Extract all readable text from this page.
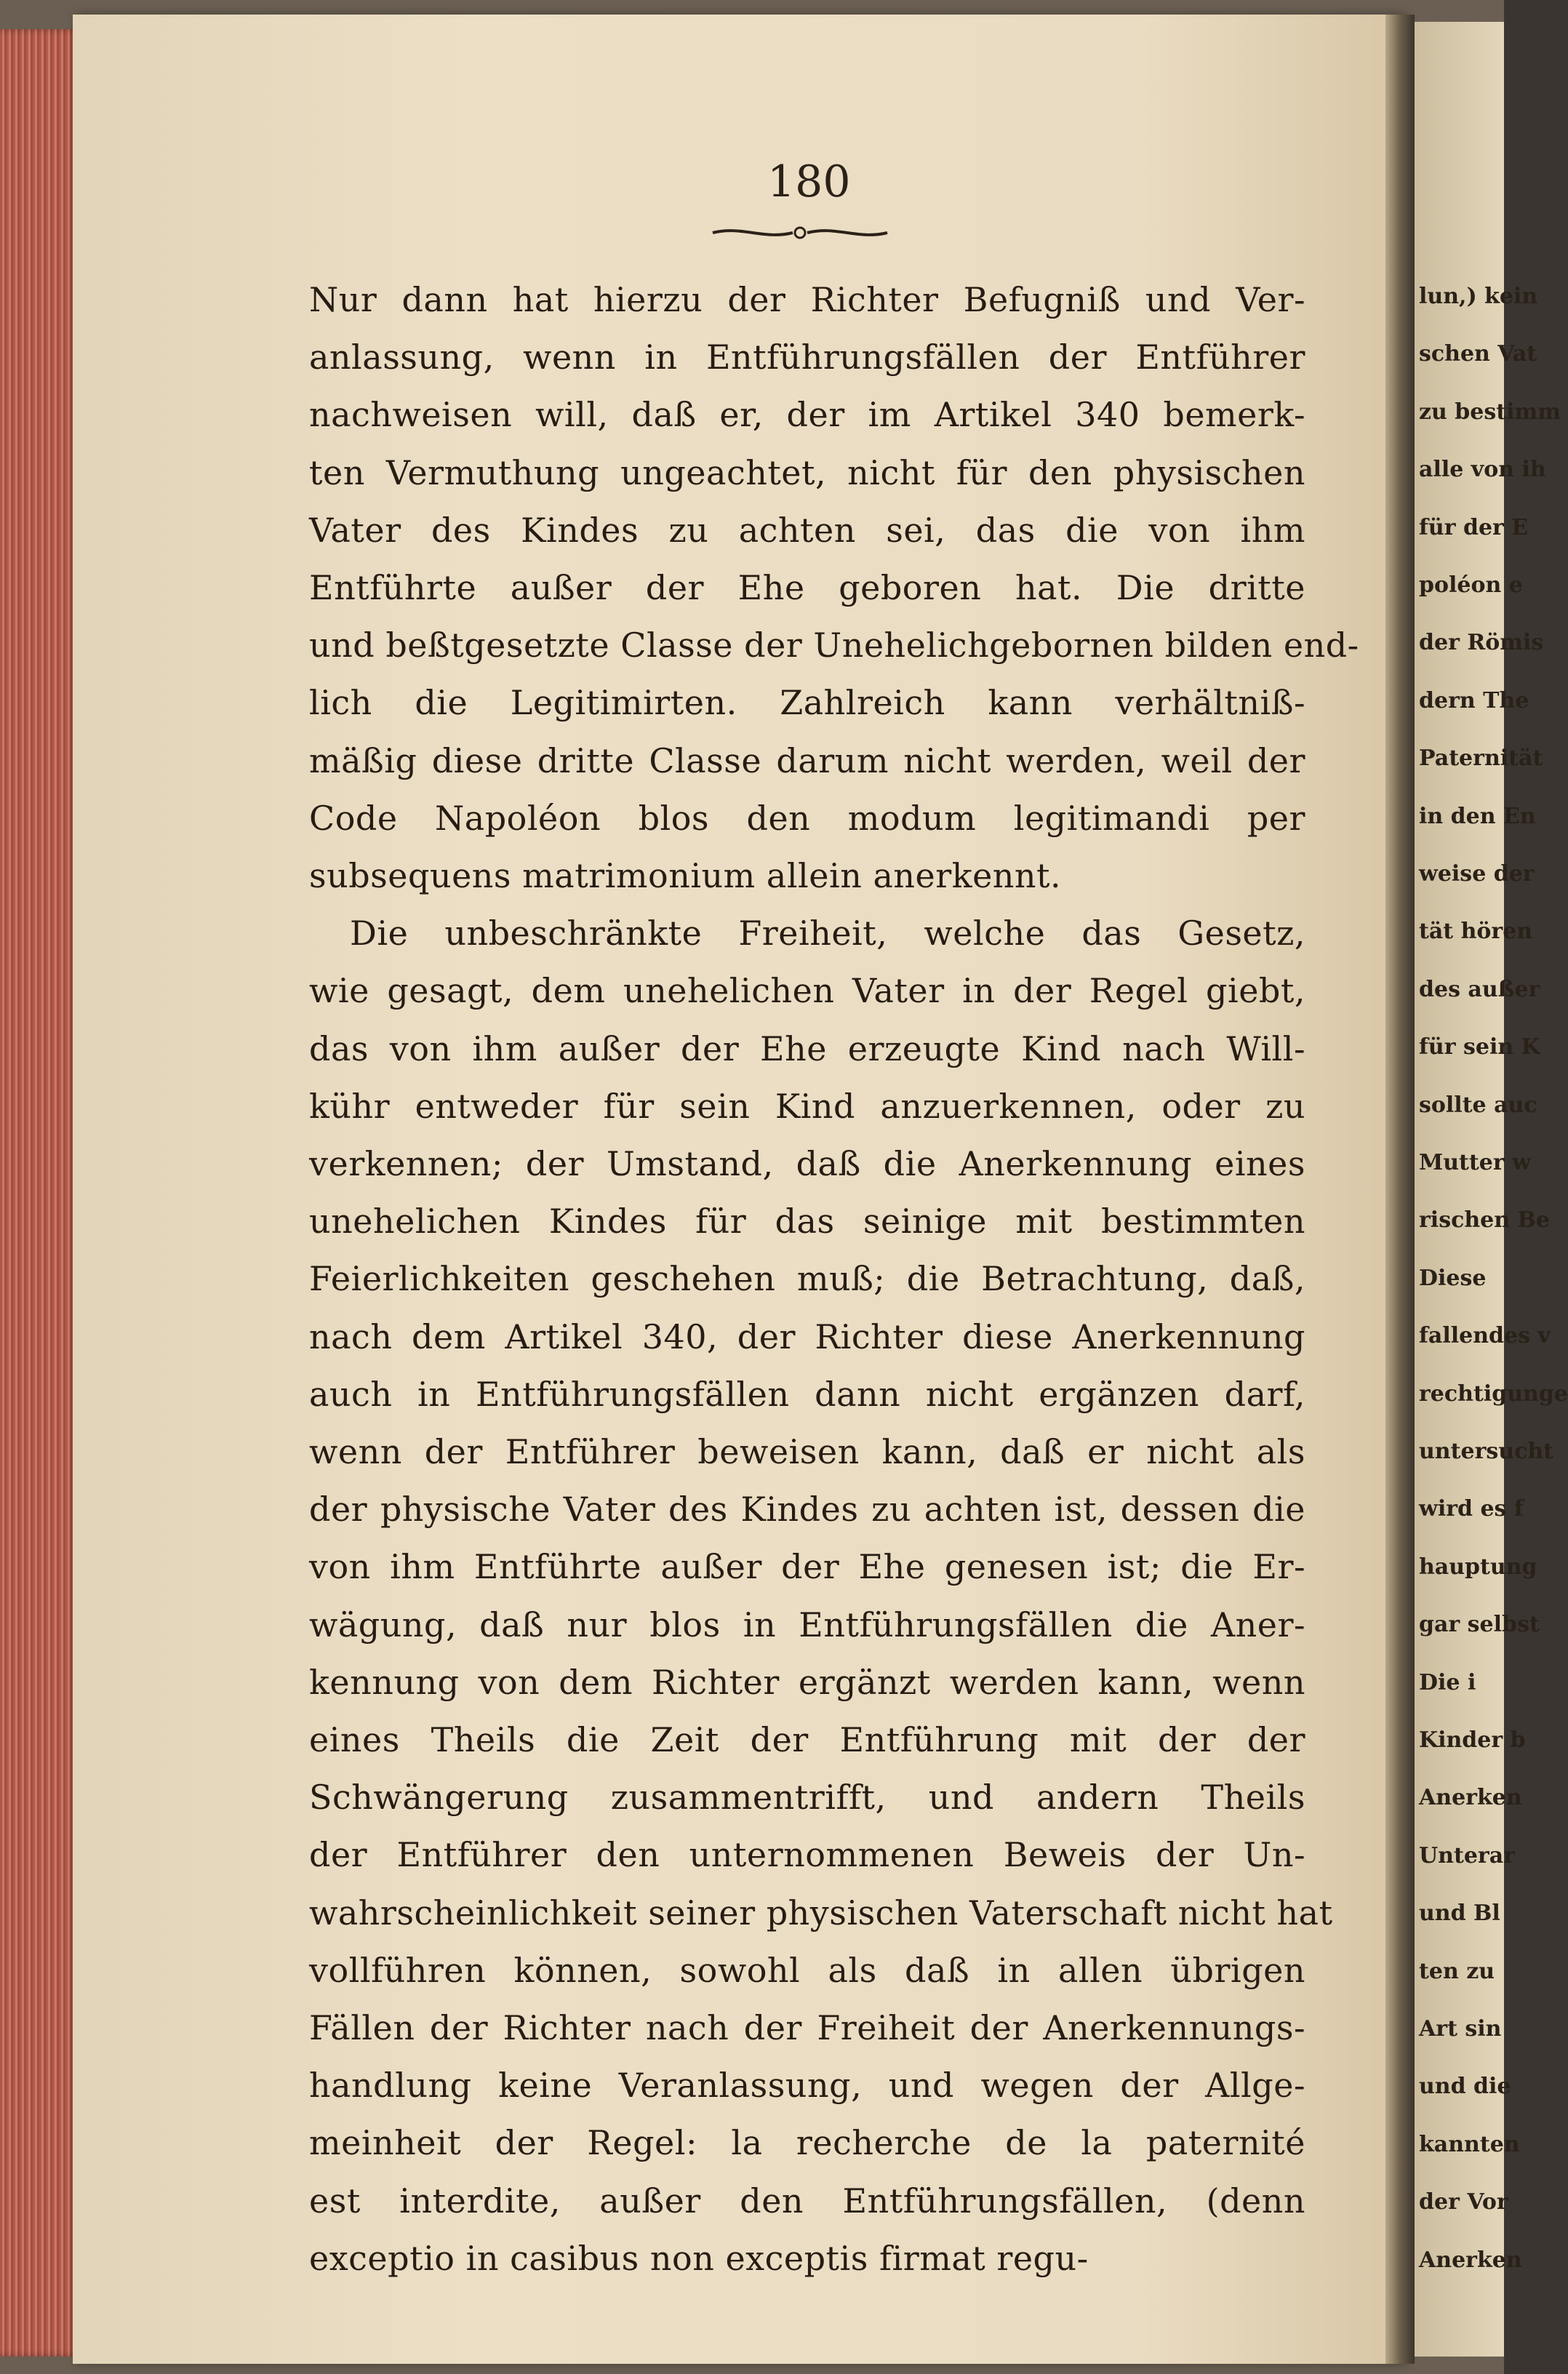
lun,) kein
schen Vat
zu bestimm
alle von ih
für der E
poléon e
der Römis
dern The
Paternität
in den En
weise der
tät hören
des außer
für sein K
sollte auc
Mutter w
rischen Be
Diese
fallendes v
rechtigunge
untersucht
wird es f
hauptung
gar selbst
Die i
Kinder b
Anerken
Unterar
und Bl
ten zu
Art sin
und die
kannten
der Vor
Anerken
180
Nur dann hat hierzu der Richter Befugniß und Ver-
anlassung, wenn in Entführungsfällen der Entführer
nachweisen will, daß er, der im Artikel 340 bemerk-
ten Vermuthung ungeachtet, nicht für den physischen
Vater des Kindes zu achten sei, das die von ihm
Entführte außer der Ehe geboren hat. Die dritte
und beßtgesetzte Classe der Unehelichgebornen bilden end-
lich die Legitimirten. Zahlreich kann verhältniß-
mäßig diese dritte Classe darum nicht werden, weil der
Code Napoléon blos den modum legitimandi per
subsequens matrimonium allein anerkennt.
Die unbeschränkte Freiheit, welche das Gesetz,
wie gesagt, dem unehelichen Vater in der Regel giebt,
das von ihm außer der Ehe erzeugte Kind nach Will-
kühr entweder für sein Kind anzuerkennen, oder zu
verkennen; der Umstand, daß die Anerkennung eines
unehelichen Kindes für das seinige mit bestimmten
Feierlichkeiten geschehen muß; die Betrachtung, daß,
nach dem Artikel 340, der Richter diese Anerkennung
auch in Entführungsfällen dann nicht ergänzen darf,
wenn der Entführer beweisen kann, daß er nicht als
der physische Vater des Kindes zu achten ist, dessen die
von ihm Entführte außer der Ehe genesen ist; die Er-
wägung, daß nur blos in Entführungsfällen die Aner-
kennung von dem Richter ergänzt werden kann, wenn
eines Theils die Zeit der Entführung mit der der
Schwängerung zusammentrifft, und andern Theils
der Entführer den unternommenen Beweis der Un-
wahrscheinlichkeit seiner physischen Vaterschaft nicht hat
vollführen können, sowohl als daß in allen übrigen
Fällen der Richter nach der Freiheit der Anerkennungs-
handlung keine Veranlassung, und wegen der Allge-
meinheit der Regel: la recherche de la paternité
est interdite, außer den Entführungsfällen, (denn
exceptio in casibus non exceptis firmat regu-
